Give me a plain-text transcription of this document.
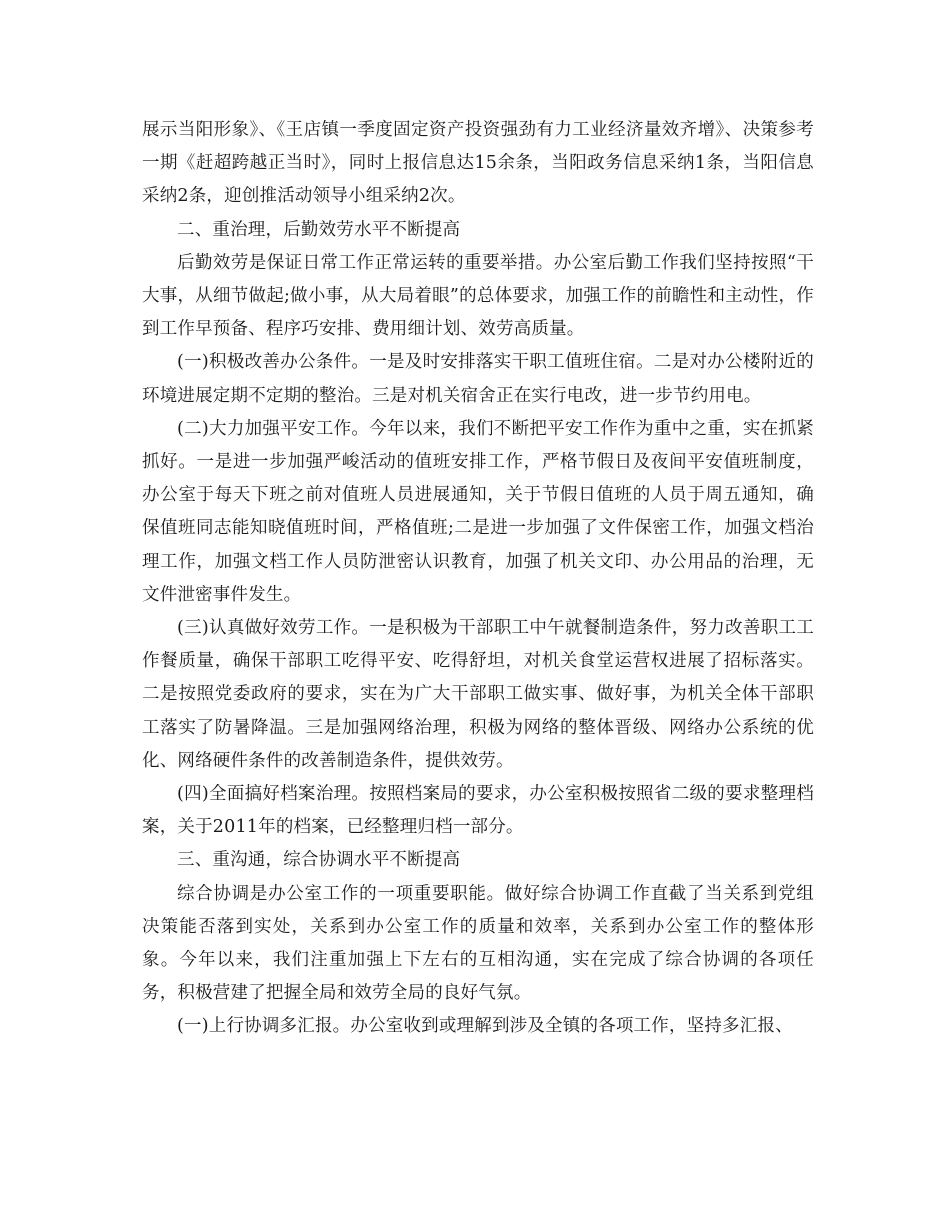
展示当阳形象》、《王店镇一季度固定资产投资强劲有力工业经济量效齐增》、决策参考一期《赶超跨越正当时》，同时上报信息达15余条，当阳政务信息采纳1条，当阳信息采纳2条，迎创推活动领导小组采纳2次。

二、重治理，后勤效劳水平不断提高

后勤效劳是保证日常工作正常运转的重要举措。办公室后勤工作我们坚持按照“干大事，从细节做起;做小事，从大局着眼”的总体要求，加强工作的前瞻性和主动性，作到工作早预备、程序巧安排、费用细计划、效劳高质量。

(一)积极改善办公条件。一是及时安排落实干职工值班住宿。二是对办公楼附近的环境进展定期不定期的整治。三是对机关宿舍正在实行电改，进一步节约用电。

(二)大力加强平安工作。今年以来，我们不断把平安工作作为重中之重，实在抓紧抓好。一是进一步加强严峻活动的值班安排工作，严格节假日及夜间平安值班制度，办公室于每天下班之前对值班人员进展通知，关于节假日值班的人员于周五通知，确保值班同志能知晓值班时间，严格值班;二是进一步加强了文件保密工作，加强文档治理工作，加强文档工作人员防泄密认识教育，加强了机关文印、办公用品的治理，无文件泄密事件发生。

(三)认真做好效劳工作。一是积极为干部职工中午就餐制造条件，努力改善职工工作餐质量，确保干部职工吃得平安、吃得舒坦，对机关食堂运营权进展了招标落实。二是按照党委政府的要求，实在为广大干部职工做实事、做好事，为机关全体干部职工落实了防暑降温。三是加强网络治理，积极为网络的整体晋级、网络办公系统的优化、网络硬件条件的改善制造条件，提供效劳。

(四)全面搞好档案治理。按照档案局的要求，办公室积极按照省二级的要求整理档案，关于2011年的档案，已经整理归档一部分。

三、重沟通，综合协调水平不断提高

综合协调是办公室工作的一项重要职能。做好综合协调工作直截了当关系到党组决策能否落到实处，关系到办公室工作的质量和效率，关系到办公室工作的整体形象。今年以来，我们注重加强上下左右的互相沟通，实在完成了综合协调的各项任务，积极营建了把握全局和效劳全局的良好气氛。

(一)上行协调多汇报。办公室收到或理解到涉及全镇的各项工作，坚持多汇报、
